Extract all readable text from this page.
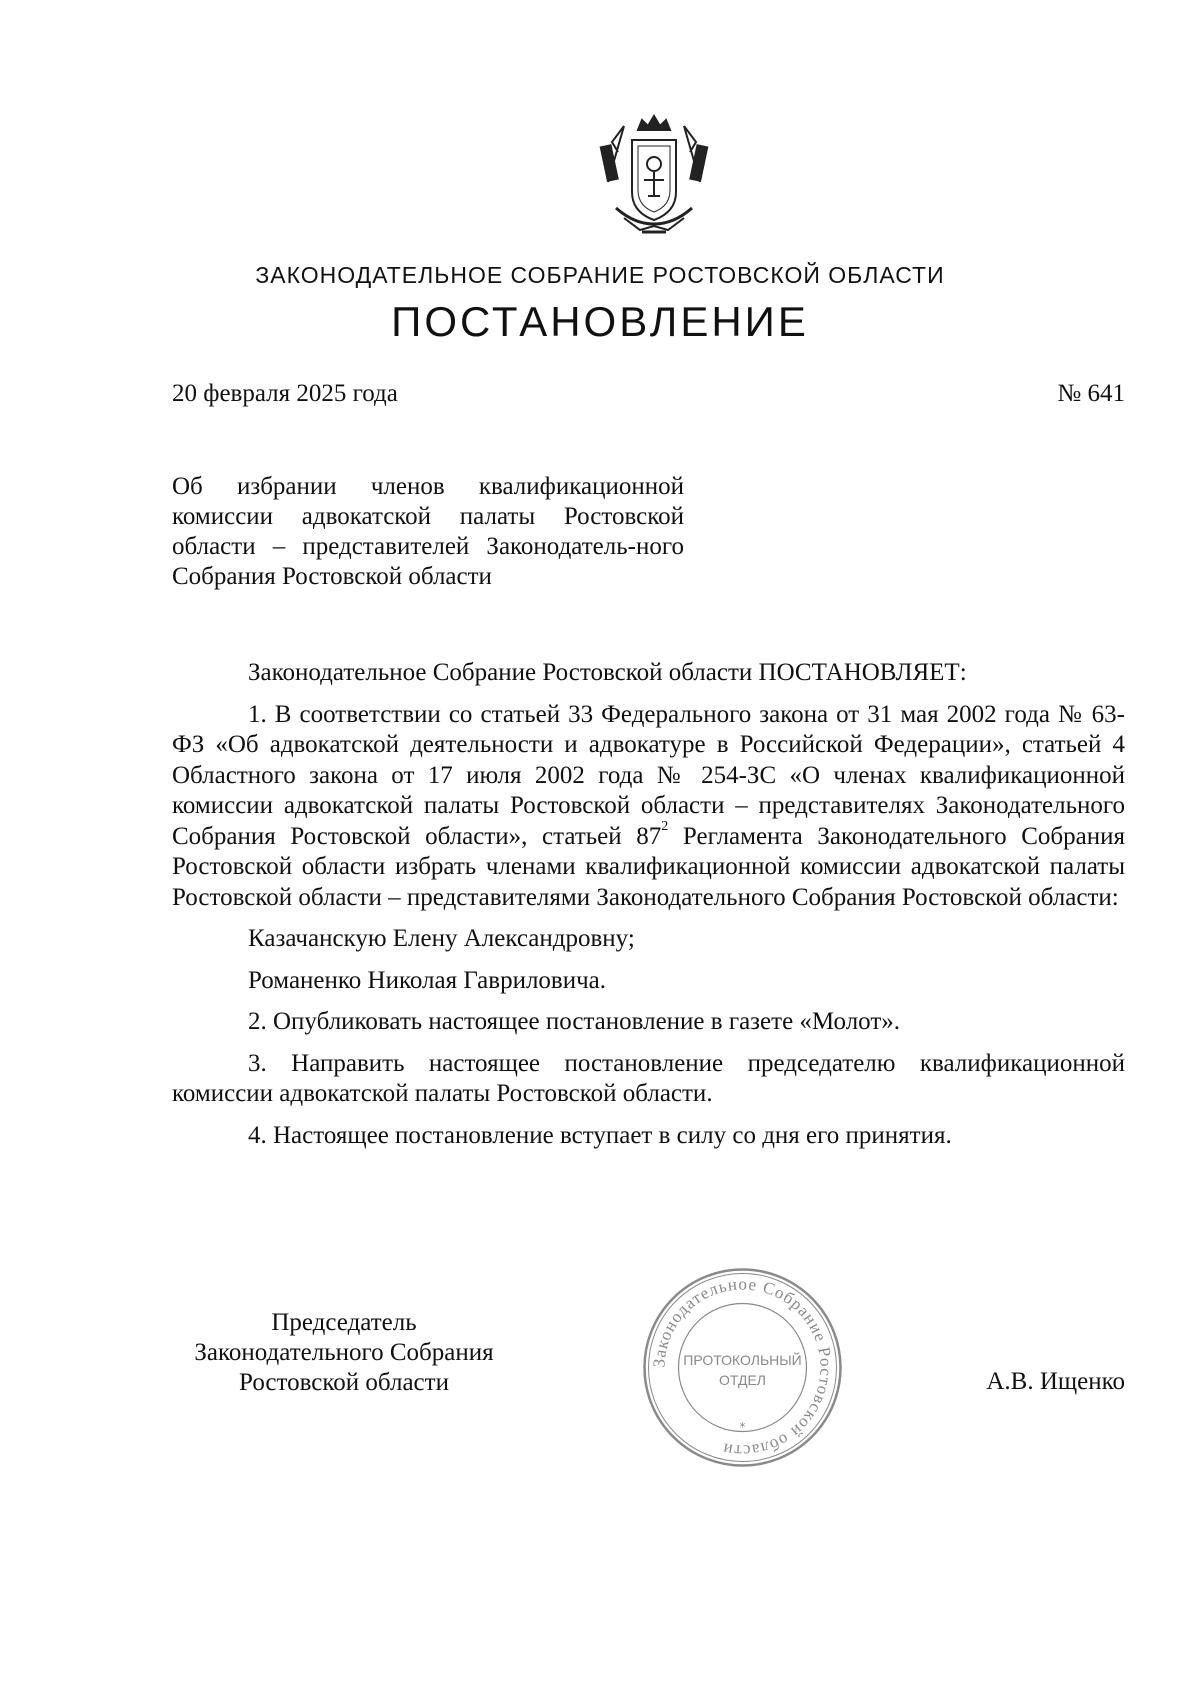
ЗАКОНОДАТЕЛЬНОЕ СОБРАНИЕ РОСТОВСКОЙ ОБЛАСТИ
ПОСТАНОВЛЕНИЕ
20 февраля 2025 года	№ 641
Об избрании членов квалификационной комиссии адвокатской палаты Ростовской области – представителей Законодатель-ного Собрания Ростовской области

Законодательное Собрание Ростовской области ПОСТАНОВЛЯЕТ:

1. В соответствии со статьей 33 Федерального закона от 31 мая 2002 года № 63-ФЗ «Об адвокатской деятельности и адвокатуре в Российской Федерации», статьей 4 Областного закона от 17 июля 2002 года № 254-ЗС «О членах квалификационной комиссии адвокатской палаты Ростовской области – представителях Законодательного Собрания Ростовской области», статьей $87^2$ Регламента Законодательного Собрания Ростовской области избрать членами квалификационной комиссии адвокатской палаты Ростовской области – представителями Законодательного Собрания Ростовской области:

Казачанскую Елену Александровну;

Романенко Николая Гавриловича.

2. Опубликовать настоящее постановление в газете «Молот».

3. Направить настоящее постановление председателю квалификационной комиссии адвокатской палаты Ростовской области.

4. Настоящее постановление вступает в силу со дня его принятия.

Председатель
Законодательного Собрания
Ростовской области
Законодательное Собрание Ростовской области
ПРОТОКОЛЬНЫЙ
ОТДЕЛ
*
А.В. Ищенко
